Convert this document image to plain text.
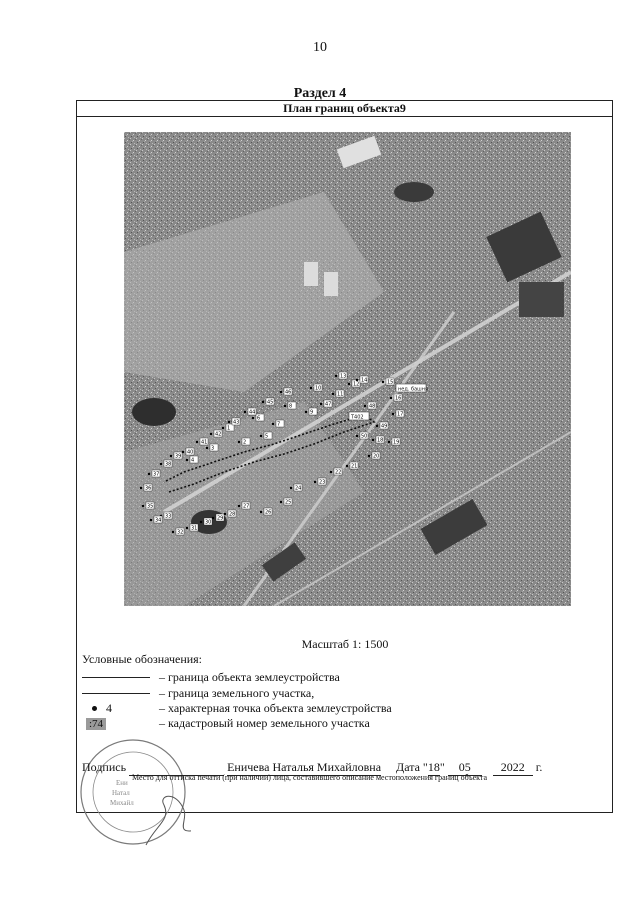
10
Раздел 4
План границ объекта9
1
2
3
4
5
6
7
8
9
10
11
12
13
14	15
16
17
18 19
20
21
22
23
24
25
26
27
28
29
30
31
32
33
34
35
36
37
38
39
40
41
42
43
44
45
46
47	48
49
50
Т402
нед. башня
Масштаб 1: 1500
Условные обозначения:
– граница объекта землеустройства
– граница земельного участка,
4	– характерная точка объекта землеустройства
:74	– кадастровый номер земельного участка
Ени
Натал
Михайл
Подпись	Еничева Наталья Михайловна Дата "18" 05	2022 г.
Место для оттиска печати (при наличии) лица, составившего описание местоположения границ объекта
